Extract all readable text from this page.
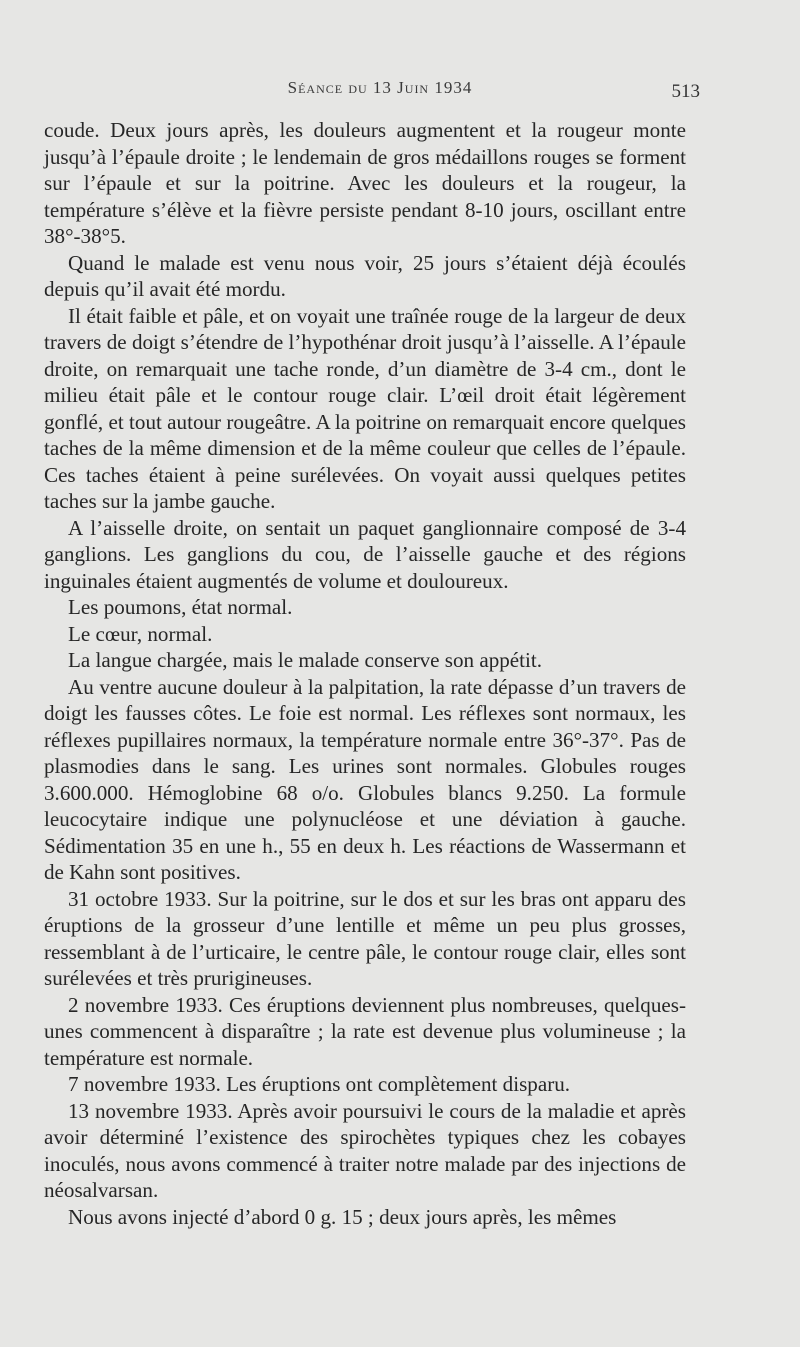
Séance du 13 Juin 1934	513

coude. Deux jours après, les douleurs augmentent et la rougeur monte jusqu’à l’épaule droite ; le lendemain de gros médaillons rouges se forment sur l’épaule et sur la poitrine. Avec les douleurs et la rougeur, la température s’élève et la fièvre persiste pendant 8-10 jours, oscillant entre 38°-38°5.

Quand le malade est venu nous voir, 25 jours s’étaient déjà écoulés depuis qu’il avait été mordu.

Il était faible et pâle, et on voyait une traînée rouge de la largeur de deux travers de doigt s’étendre de l’hypothénar droit jusqu’à l’aisselle. A l’épaule droite, on remarquait une tache ronde, d’un diamètre de 3-4 cm., dont le milieu était pâle et le contour rouge clair. L’œil droit était légèrement gonflé, et tout autour rougeâtre. A la poitrine on remarquait encore quelques taches de la même dimension et de la même couleur que celles de l’épaule. Ces taches étaient à peine surélevées. On voyait aussi quelques petites taches sur la jambe gauche.

A l’aisselle droite, on sentait un paquet ganglionnaire composé de 3-4 ganglions. Les ganglions du cou, de l’aisselle gauche et des régions inguinales étaient augmentés de volume et douloureux.

Les poumons, état normal.

Le cœur, normal.

La langue chargée, mais le malade conserve son appétit.

Au ventre aucune douleur à la palpitation, la rate dépasse d’un travers de doigt les fausses côtes. Le foie est normal. Les réflexes sont normaux, les réflexes pupillaires normaux, la température normale entre 36°-37°. Pas de plasmodies dans le sang. Les urines sont normales. Globules rouges 3.600.000. Hémoglobine 68 o/o. Globules blancs 9.250. La formule leucocytaire indique une polynucléose et une déviation à gauche. Sédimentation 35 en une h., 55 en deux h. Les réactions de Wassermann et de Kahn sont positives.

31 octobre 1933. Sur la poitrine, sur le dos et sur les bras ont apparu des éruptions de la grosseur d’une lentille et même un peu plus grosses, ressemblant à de l’urticaire, le centre pâle, le contour rouge clair, elles sont surélevées et très prurigineuses.

2 novembre 1933. Ces éruptions deviennent plus nombreuses, quelques-unes commencent à disparaître ; la rate est devenue plus volumineuse ; la température est normale.

7 novembre 1933. Les éruptions ont complètement disparu.

13 novembre 1933. Après avoir poursuivi le cours de la maladie et après avoir déterminé l’existence des spirochètes typiques chez les cobayes inoculés, nous avons commencé à traiter notre malade par des injections de néosalvarsan.

Nous avons injecté d’abord 0 g. 15 ; deux jours après, les mêmes
